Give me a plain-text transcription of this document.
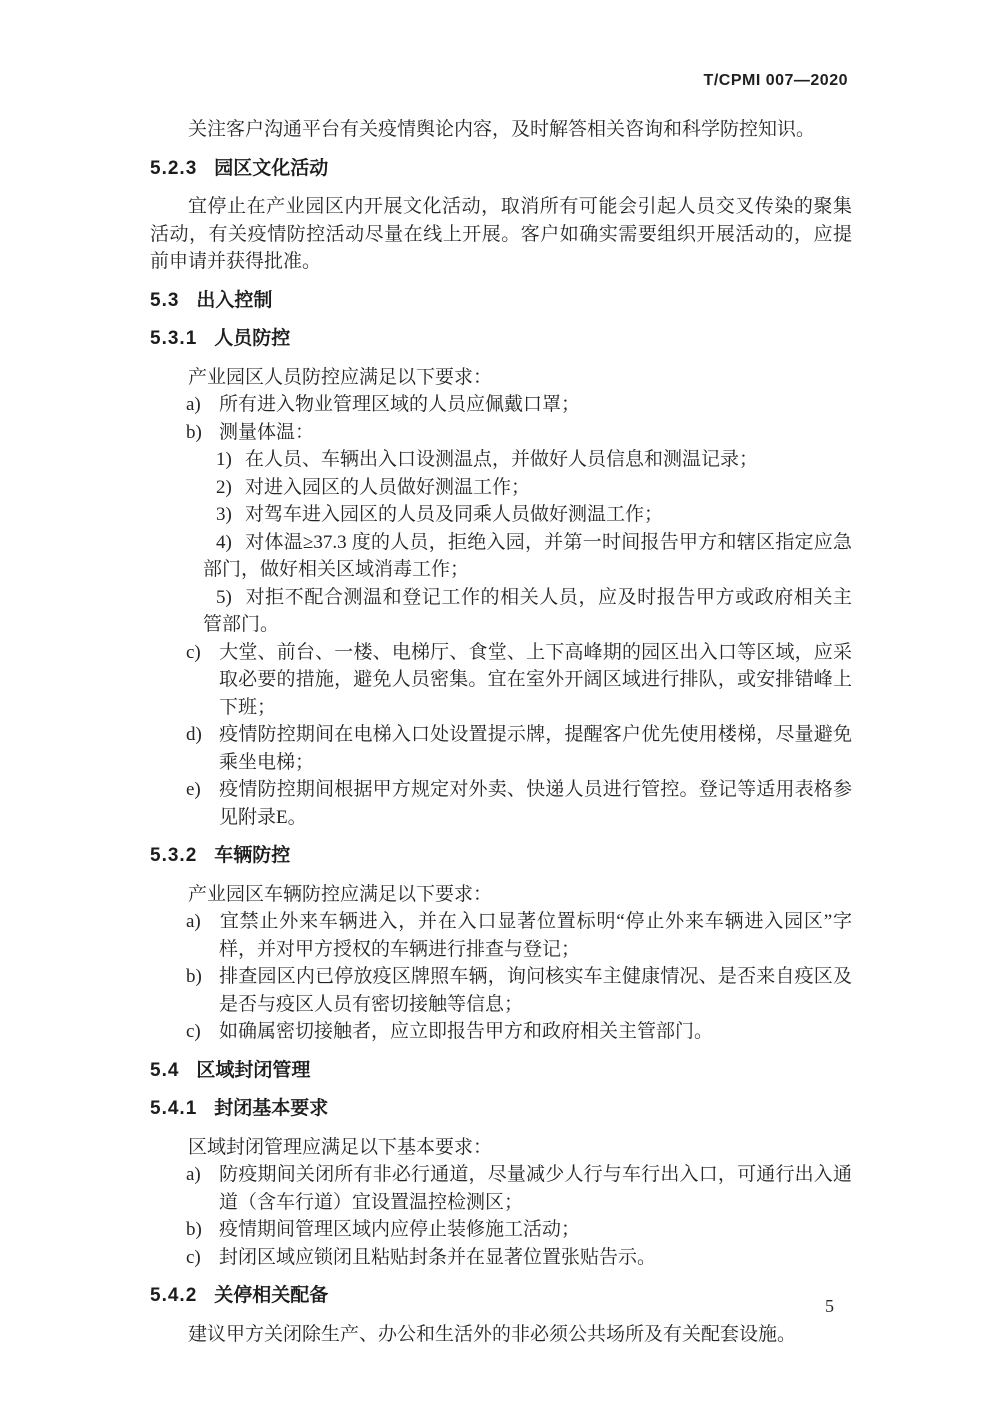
T/CPMI 007—2020

关注客户沟通平台有关疫情舆论内容，及时解答相关咨询和科学防控知识。

5.2.3 园区文化活动

宜停止在产业园区内开展文化活动，取消所有可能会引起人员交叉传染的聚集活动，有关疫情防控活动尽量在线上开展。客户如确实需要组织开展活动的，应提前申请并获得批准。

5.3 出入控制
5.3.1 人员防控

产业园区人员防控应满足以下要求：

a) 所有进入物业管理区域的人员应佩戴口罩；
b) 测量体温：
1) 在人员、车辆出入口设测温点，并做好人员信息和测温记录；
2) 对进入园区的人员做好测温工作；
3) 对驾车进入园区的人员及同乘人员做好测温工作；
4) 对体温≥37.3 度的人员，拒绝入园，并第一时间报告甲方和辖区指定应急部门，做好相关区域消毒工作；
5) 对拒不配合测温和登记工作的相关人员，应及时报告甲方或政府相关主管部门。
c) 大堂、前台、一楼、电梯厅、食堂、上下高峰期的园区出入口等区域，应采取必要的措施，避免人员密集。宜在室外开阔区域进行排队，或安排错峰上下班；
d) 疫情防控期间在电梯入口处设置提示牌，提醒客户优先使用楼梯，尽量避免乘坐电梯；
e) 疫情防控期间根据甲方规定对外卖、快递人员进行管控。登记等适用表格参见附录E。
5.3.2 车辆防控

产业园区车辆防控应满足以下要求：

a) 宜禁止外来车辆进入，并在入口显著位置标明“停止外来车辆进入园区”字样，并对甲方授权的车辆进行排查与登记；
b) 排查园区内已停放疫区牌照车辆，询问核实车主健康情况、是否来自疫区及是否与疫区人员有密切接触等信息；
c) 如确属密切接触者，应立即报告甲方和政府相关主管部门。
5.4 区域封闭管理
5.4.1 封闭基本要求

区域封闭管理应满足以下基本要求：

a) 防疫期间关闭所有非必行通道，尽量减少人行与车行出入口，可通行出入通道（含车行道）宜设置温控检测区；
b) 疫情期间管理区域内应停止装修施工活动；
c) 封闭区域应锁闭且粘贴封条并在显著位置张贴告示。
5.4.2 关停相关配备

建议甲方关闭除生产、办公和生活外的非必须公共场所及有关配套设施。

5
